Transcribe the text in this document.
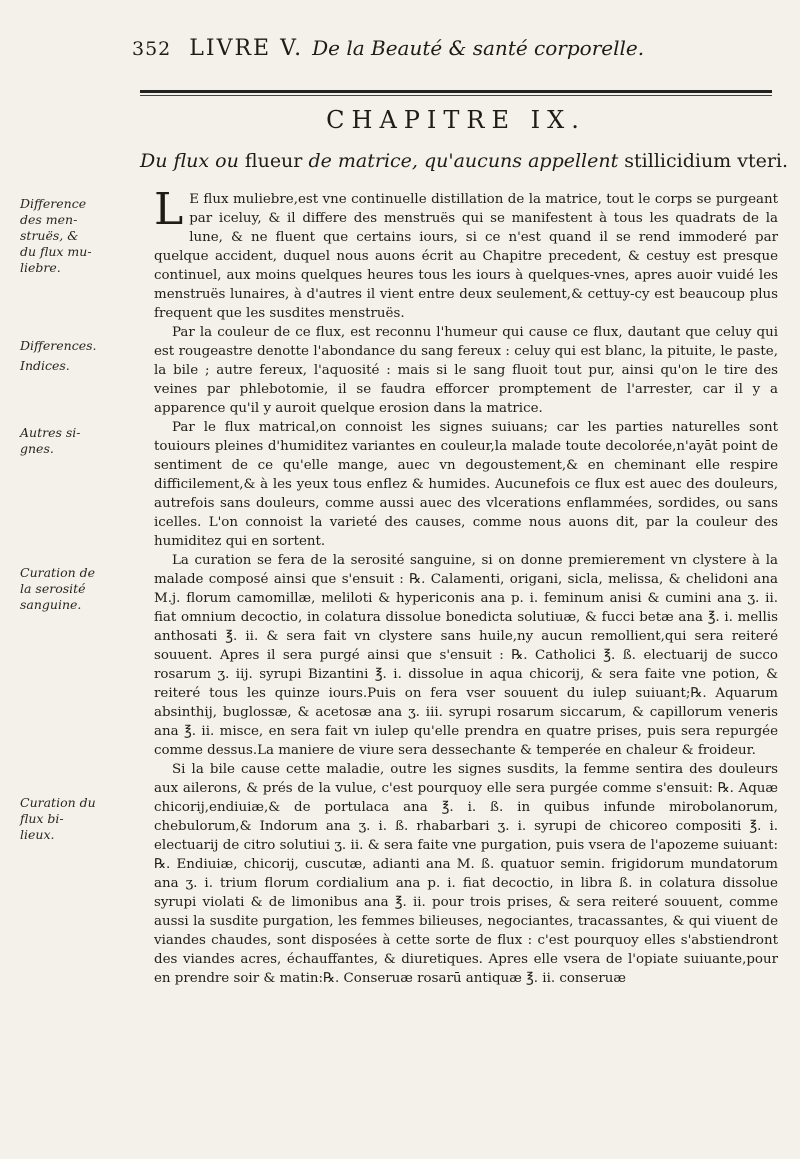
352 LIVRE V. De la Beauté & santé corporelle.
CHAPITRE IX.
Du flux ou flueur de matrice, qu'aucuns appellent stillicidium vteri.
Difference
des men-
struës, &
du flux mu-
liebre.
Differences.
Indices.
Autres si-
gnes.
Curation de
la serosité
sanguine.
Curation du
flux bi-
lieux.

L E flux muliebre,est vne continuelle distillation de la matrice, tout le corps se purgeant par iceluy, & il differe des menstruës qui se manifestent à tous les quadrats de la lune, & ne fluent que certains iours, si ce n'est quand il se rend immoderé par quelque accident, duquel nous auons écrit au Chapitre precedent, & cestuy est presque continuel, aux moins quelques heures tous les iours à quelques-vnes, apres auoir vuidé les menstruës lunaires, à d'autres il vient entre deux seulement,& cettuy-cy est beaucoup plus frequent que les susdites menstruës.

Par la couleur de ce flux, est reconnu l'humeur qui cause ce flux, dautant que celuy qui est rougeastre denotte l'abondance du sang fereux : celuy qui est blanc, la pituite, le paste, la bile ; autre fereux, l'aquosité : mais si le sang fluoit tout pur, ainsi qu'on le tire des veines par phlebotomie, il se faudra efforcer promptement de l'arrester, car il y a apparence qu'il y auroit quelque erosion dans la matrice.

Par le flux matrical,on connoist les signes suiuans; car les parties naturelles sont touiours pleines d'humiditez variantes en couleur,la malade toute decolorée,n'ayāt point de sentiment de ce qu'elle mange, auec vn degoustement,& en cheminant elle respire difficilement,& à les yeux tous enflez & humides. Aucunefois ce flux est auec des douleurs, autrefois sans douleurs, comme aussi auec des vlcerations enflammées, sordides, ou sans icelles. L'on connoist la varieté des causes, comme nous auons dit, par la couleur des humiditez qui en sortent.

La curation se fera de la serosité sanguine, si on donne premierement vn clystere à la malade composé ainsi que s'ensuit : ℞. Calamenti, origani, sicla, melissa, & chelidoni ana M.j. florum camomillæ, meliloti & hypericonis ana p. i. feminum anisi & cumini ana ʒ. ii. fiat omnium decoctio, in colatura dissolue bonedicta solutiuæ, & fucci betæ ana ℥. i. mellis anthosati ℥. ii. & sera fait vn clystere sans huile,ny aucun remollient,qui sera reiteré souuent. Apres il sera purgé ainsi que s'ensuit : ℞. Catholici ℥. ß. electuarij de succo rosarum ʒ. iij. syrupi Bizantini ℥. i. dissolue in aqua chicorij, & sera faite vne potion, & reiteré tous les quinze iours.Puis on fera vser souuent du iulep suiuant;℞. Aquarum absinthij, buglossæ, & acetosæ ana ʒ. iii. syrupi rosarum siccarum, & capillorum veneris ana ℥. ii. misce, en sera fait vn iulep qu'elle prendra en quatre prises, puis sera repurgée comme dessus.La maniere de viure sera dessechante & temperée en chaleur & froideur.

Si la bile cause cette maladie, outre les signes susdits, la femme sentira des douleurs aux ailerons, & prés de la vulue, c'est pourquoy elle sera purgée comme s'ensuit: ℞. Aquæ chicorij,endiuiæ,& de portulaca ana ℥. i. ß. in quibus infunde mirobolanorum, chebulorum,& Indorum ana ʒ. i. ß. rhabarbari ʒ. i. syrupi de chicoreo compositi ℥. i. electuarij de citro solutiui ʒ. ii. & sera faite vne purgation, puis vsera de l'apozeme suiuant: ℞. Endiuiæ, chicorij, cuscutæ, adianti ana M. ß. quatuor semin. frigidorum mundatorum ana ʒ. i. trium florum cordialium ana p. i. fiat decoctio, in libra ß. in colatura dissolue syrupi violati & de limonibus ana ℥. ii. pour trois prises, & sera reiteré souuent, comme aussi la susdite purgation, les femmes bilieuses, negociantes, tracassantes, & qui viuent de viandes chaudes, sont disposées à cette sorte de flux : c'est pourquoy elles s'abstiendront des viandes acres, échauffantes, & diuretiques. Apres elle vsera de l'opiate suiuante,pour en prendre soir & matin:℞. Conseruæ rosarū antiquæ ℥. ii. conseruæ
